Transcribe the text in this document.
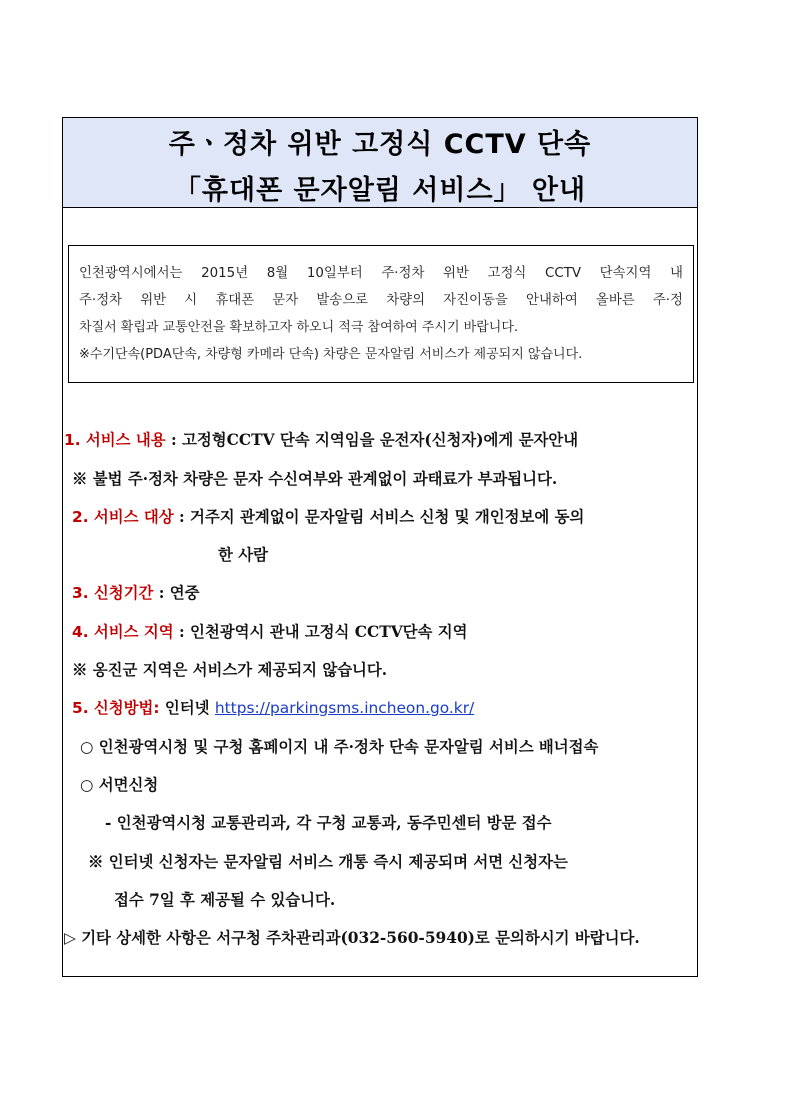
주ㆍ정차 위반 고정식 CCTV 단속
「휴대폰 문자알림 서비스」 안내

인천광역시에서는 2015년 8월 10일부터 주·정차 위반 고정식 CCTV 단속지역 내

주·정차 위반 시 휴대폰 문자 발송으로 차량의 자진이동을 안내하여 올바른 주·정

차질서 확립과 교통안전을 확보하고자 하오니 적극 참여하여 주시기 바랍니다.

※수기단속(PDA단속, 차량형 카메라 단속) 차량은 문자알림 서비스가 제공되지 않습니다.

1. 서비스 내용 : 고정형CCTV 단속 지역임을 운전자(신청자)에게 문자안내
※ 불법 주·정차 차량은 문자 수신여부와 관계없이 과태료가 부과됩니다.
2. 서비스 대상 : 거주지 관계없이 문자알림 서비스 신청 및 개인정보에 동의
한 사람
3. 신청기간 : 연중
4. 서비스 지역 : 인천광역시 관내 고정식 CCTV단속 지역
※ 옹진군 지역은 서비스가 제공되지 않습니다.
5. 신청방법: 인터넷 https://parkingsms.incheon.go.kr/
○ 인천광역시청 및 구청 홈페이지 내 주·정차 단속 문자알림 서비스 배너접속
○ 서면신청
- 인천광역시청 교통관리과, 각 구청 교통과, 동주민센터 방문 접수
※ 인터넷 신청자는 문자알림 서비스 개통 즉시 제공되며 서면 신청자는
접수 7일 후 제공될 수 있습니다.
▷ 기타 상세한 사항은 서구청 주차관리과(032-560-5940)로 문의하시기 바랍니다.
